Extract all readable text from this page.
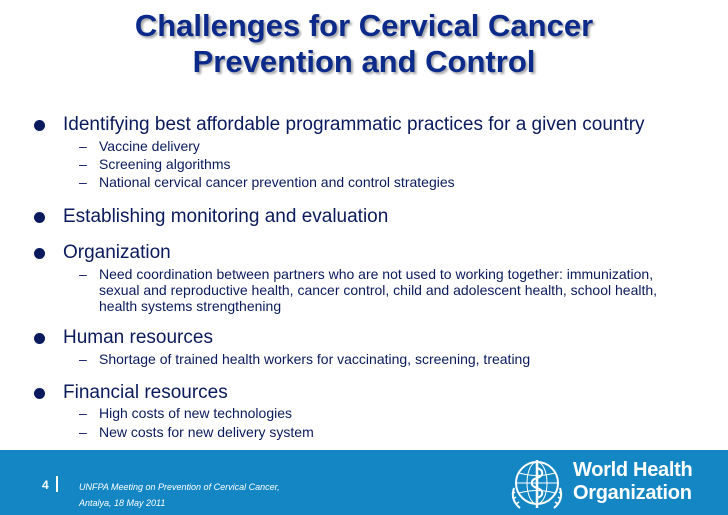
Challenges for Cervical Cancer
Prevention and Control
Identifying best affordable programmatic practices for a given country
– Vaccine delivery
– Screening algorithms
– National cervical cancer prevention and control strategies
Establishing monitoring and evaluation
Organization
– Need coordination between partners who are not used to working together: immunization, sexual and reproductive health, cancer control, child and adolescent health, school health, health systems strengthening
Human resources
– Shortage of trained health workers for vaccinating, screening, treating
Financial resources
– High costs of new technologies
– New costs for new delivery system
4	UNFPA Meeting on Prevention of Cervical Cancer,
Antalya, 18 May 2011
World Health
Organization
